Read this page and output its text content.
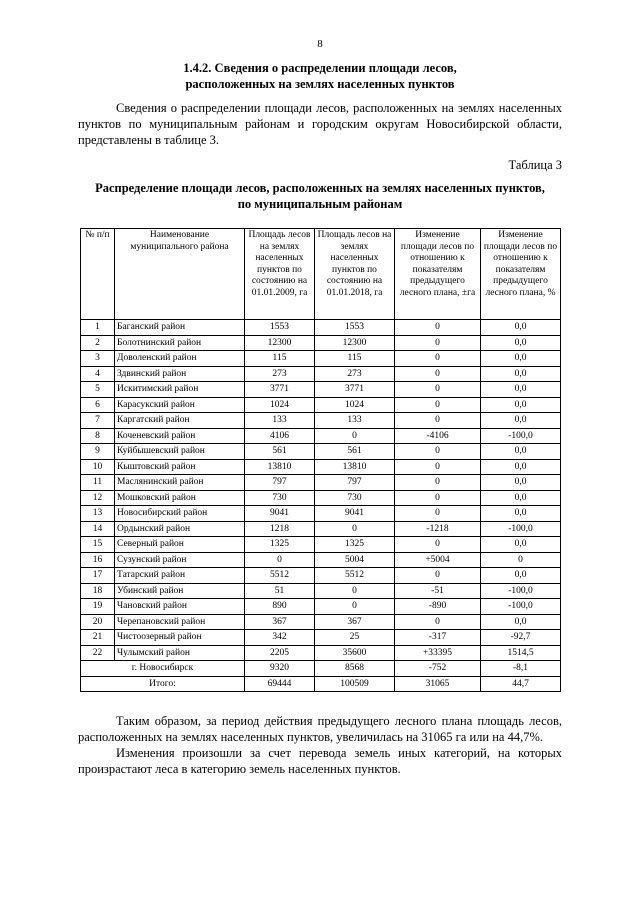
8
1.4.2. Сведения о распределении площади лесов,
расположенных на землях населенных пунктов

Сведения о распределении площади лесов, расположенных на землях населенных пунктов по муниципальным районам и городским округам Новосибирской области, представлены в таблице 3.

Таблица 3
Распределение площади лесов, расположенных на землях населенных пунктов,
по муниципальным районам
№ п/п	Наименование муниципального района	Площадь лесов на землях населенных пунктов по состоянию на 01.01.2009, га	Площадь лесов на землях населенных пунктов по состоянию на 01.01.2018, га	Изменение площади лесов по отношению к показателям предыдущего лесного плана, ±га	Изменение площади лесов по отношению к показателям предыдущего лесного плана, %
1	Баганский район	1553	1553	0	0,0
2	Болотнинский район	12300	12300	0	0,0
3	Доволенский район	115	115	0	0,0
4	Здвинский район	273	273	0	0,0
5	Искитимский район	3771	3771	0	0,0
6	Карасукский район	1024	1024	0	0,0
7	Каргатский район	133	133	0	0,0
8	Коченевский район	4106	0	-4106	-100,0
9	Куйбышевский район	561	561	0	0,0
10	Кыштовский район	13810	13810	0	0,0
11	Маслянинский район	797	797	0	0,0
12	Мошковский район	730	730	0	0,0
13	Новосибирский район	9041	9041	0	0,0
14	Ордынский район	1218	0	-1218	-100,0
15	Северный район	1325	1325	0	0,0
16	Сузунский район	0	5004	+5004	0
17	Татарский район	5512	5512	0	0,0
18	Убинский район	51	0	-51	-100,0
19	Чановский район	890	0	-890	-100,0
20	Черепановский район	367	367	0	0,0
21	Чистоозерный район	342	25	-317	-92,7
22	Чулымский район	2205	35600	+33395	1514,5
г. Новосибирск		9320	8568	-752	-8,1
Итого:		69444	100509	31065	44,7

Таким образом, за период действия предыдущего лесного плана площадь лесов, расположенных на землях населенных пунктов, увеличилась на 31065 га или на 44,7%.

Изменения произошли за счет перевода земель иных категорий, на которых произрастают леса в категорию земель населенных пунктов.
